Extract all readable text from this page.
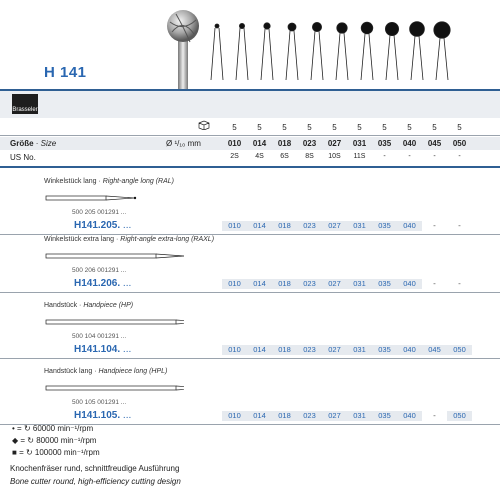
H 141
Brasseler
5	5	5	5	5	5	5	5	5	5
Größe · Size	Ø ¹/₁₀ mm	010	014	018	023	027	031	035	040	045	050
US No.	2S	4S	6S	8S	10S	11S	-	-	-	-
Winkelstück lang · Right-angle long (RAL)
500 205 001291 ...
H141.205. ...	010	014	018	023	027	031	035	040	-	-
Winkelstück extra lang · Right-angle extra-long (RAXL)
500 206 001291 ...
H141.206. ...	010	014	018	023	027	031	035	040	-	-
Handstück · Handpiece (HP)
500 104 001291 ...
H141.104. ...	010	014	018	023	027	031	035	040	045	050
Handstück lang · Handpiece long (HPL)
500 105 001291 ...
H141.105. ...	010	014	018	023	027	031	035	040	-	050
• = ↻ 60000 min⁻¹/rpm
◆ = ↻ 80000 min⁻¹/rpm
■ = ↻ 100000 min⁻¹/rpm
Knochenfräser rund, schnittfreudige Ausführung
Bone cutter round, high-efficiency cutting design
